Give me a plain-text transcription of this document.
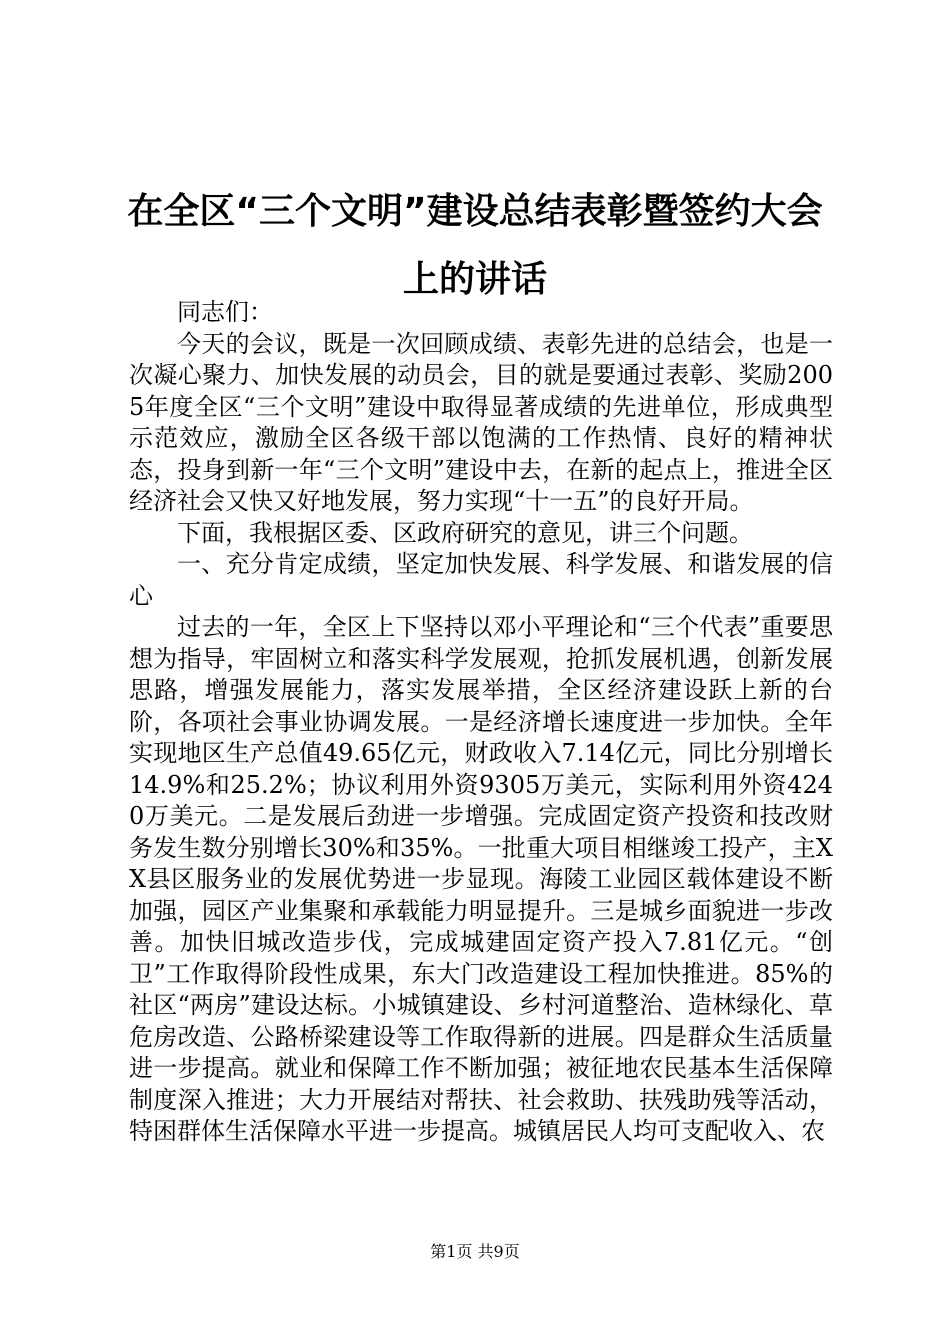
在全区“三个文明”建设总结表彰暨签约大会
上的讲话

同志们：

今天的会议，既是一次回顾成绩、表彰先进的总结会，也是一次凝心聚力、加快发展的动员会，目的就是要通过表彰、奖励2005年度全区“三个文明”建设中取得显著成绩的先进单位，形成典型示范效应，激励全区各级干部以饱满的工作热情、良好的精神状态，投身到新一年“三个文明”建设中去，在新的起点上，推进全区经济社会又快又好地发展，努力实现“十一五”的良好开局。

下面，我根据区委、区政府研究的意见，讲三个问题。

一、充分肯定成绩，坚定加快发展、科学发展、和谐发展的信心

过去的一年，全区上下坚持以邓小平理论和“三个代表”重要思想为指导，牢固树立和落实科学发展观，抢抓发展机遇，创新发展思路，增强发展能力，落实发展举措，全区经济建设跃上新的台阶，各项社会事业协调发展。一是经济增长速度进一步加快。全年实现地区生产总值49.65亿元，财政收入7.14亿元，同比分别增长14.9%和25.2%；协议利用外资9305万美元，实际利用外资4240万美元。二是发展后劲进一步增强。完成固定资产投资和技改财务发生数分别增长30%和35%。一批重大项目相继竣工投产，主XX县区服务业的发展优势进一步显现。海陵工业园区载体建设不断加强，园区产业集聚和承载能力明显提升。三是城乡面貌进一步改善。加快旧城改造步伐，完成城建固定资产投入7.81亿元。“创卫”工作取得阶段性成果，东大门改造建设工程加快推进。85%的社区“两房”建设达标。小城镇建设、乡村河道整治、造林绿化、草危房改造、公路桥梁建设等工作取得新的进展。四是群众生活质量进一步提高。就业和保障工作不断加强；被征地农民基本生活保障制度深入推进；大力开展结对帮扶、社会救助、扶残助残等活动，特困群体生活保障水平进一步提高。城镇居民人均可支配收入、农

第1页 共9页
